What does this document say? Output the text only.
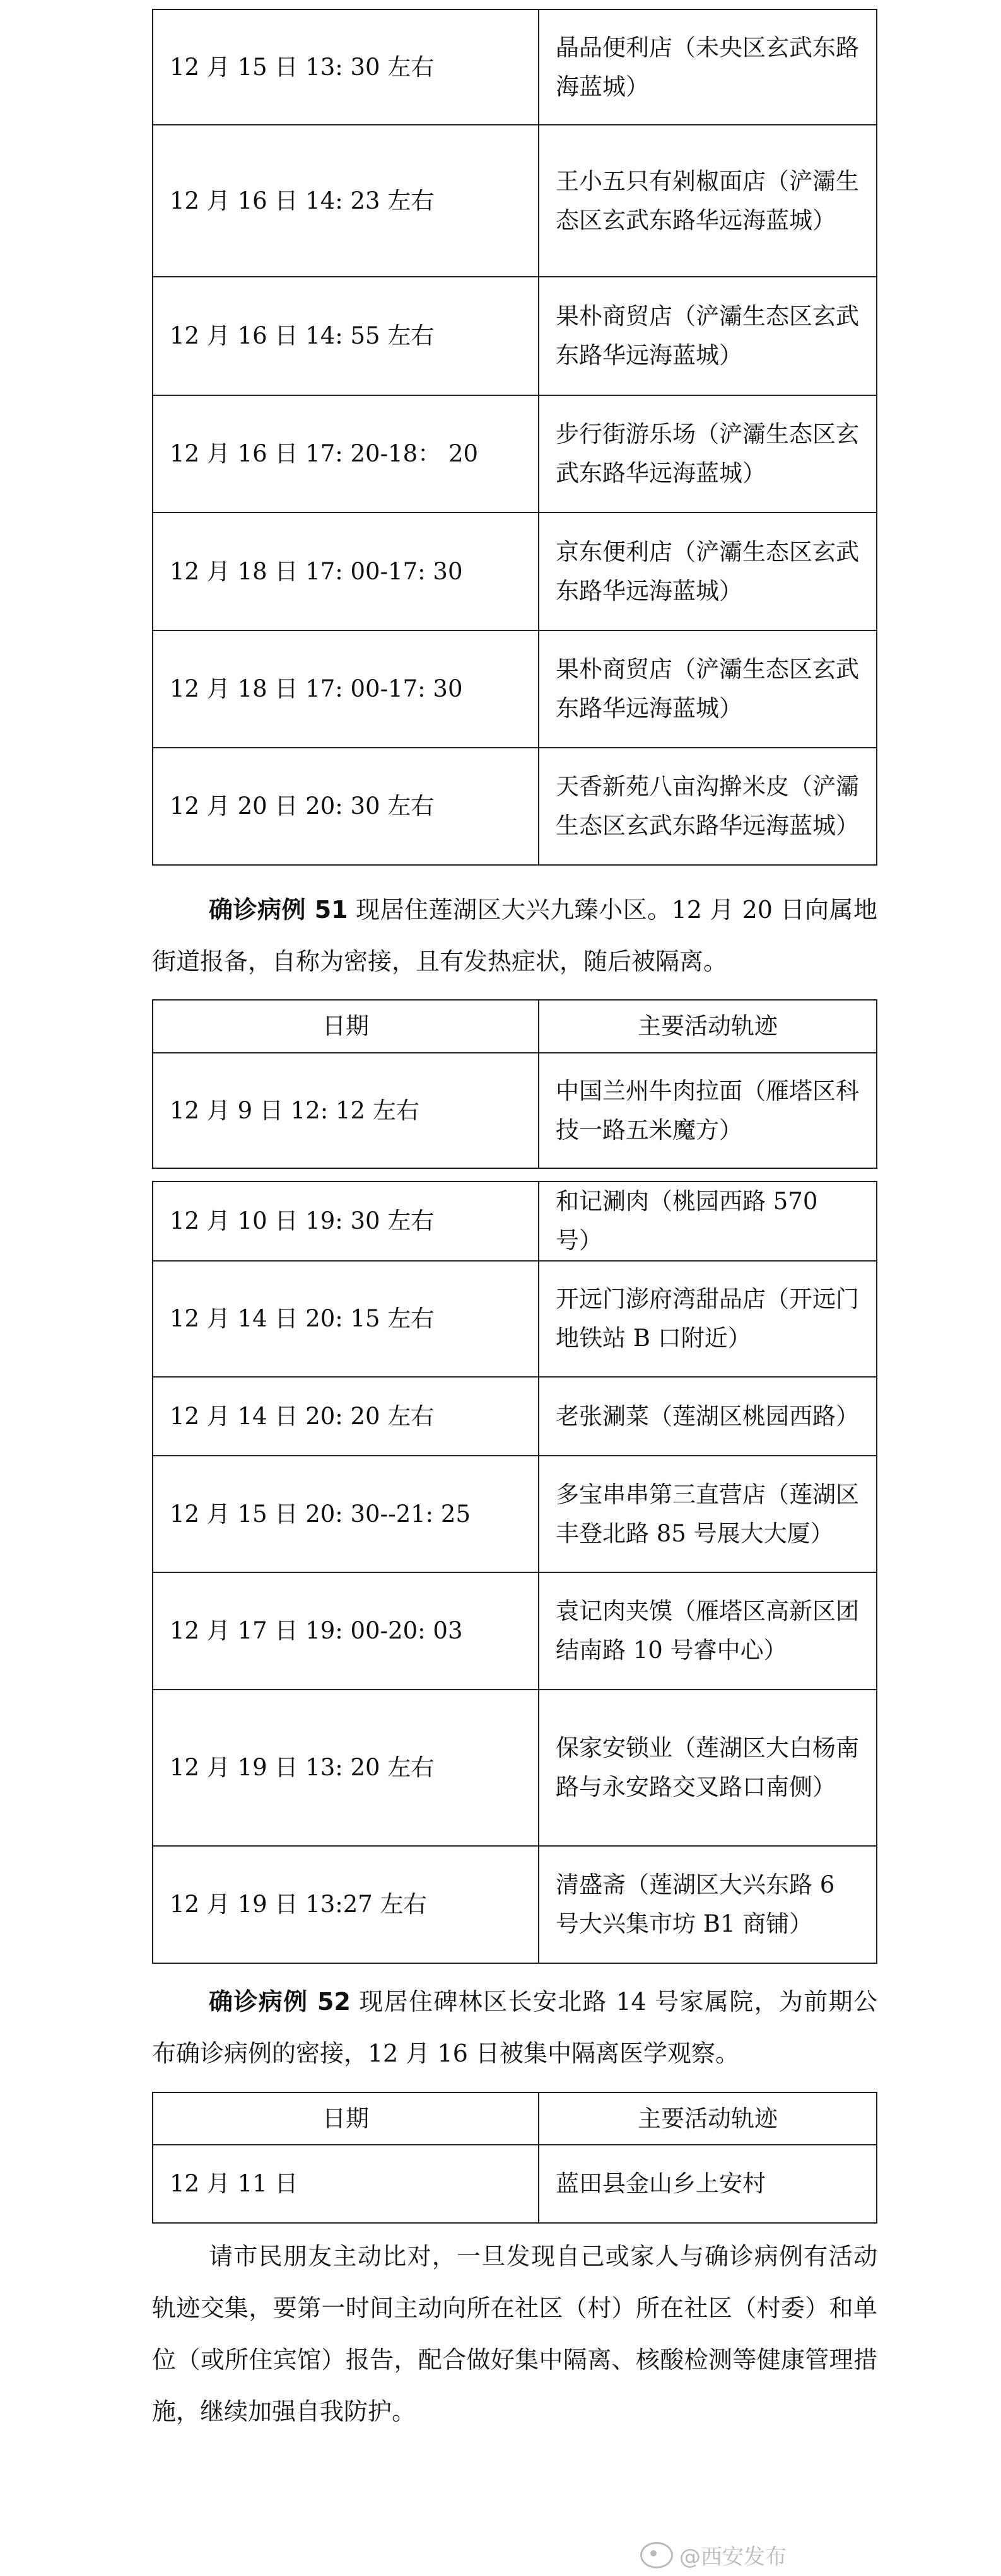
12 月 15 日 13: 30 左右	晶品便利店（未央区玄武东路海蓝城）
12 月 16 日 14: 23 左右	王小五只有剁椒面店（浐灞生态区玄武东路华远海蓝城）
12 月 16 日 14: 55 左右	果朴商贸店（浐灞生态区玄武东路华远海蓝城）
12 月 16 日 17: 20-18： 20	步行街游乐场（浐灞生态区玄武东路华远海蓝城）
12 月 18 日 17: 00-17: 30	京东便利店（浐灞生态区玄武东路华远海蓝城）
12 月 18 日 17: 00-17: 30	果朴商贸店（浐灞生态区玄武东路华远海蓝城）
12 月 20 日 20: 30 左右	天香新苑八亩沟擀米皮（浐灞生态区玄武东路华远海蓝城）
确诊病例 51 现居住莲湖区大兴九臻小区。12 月 20 日向属地街道报备，自称为密接，且有发热症状，随后被隔离。
日期	主要活动轨迹
12 月 9 日 12: 12 左右	中国兰州牛肉拉面（雁塔区科技一路五米魔方）
12 月 10 日 19: 30 左右	和记涮肉（桃园西路 570 号）
12 月 14 日 20: 15 左右	开远门澎府湾甜品店（开远门地铁站 B 口附近）
12 月 14 日 20: 20 左右	老张涮菜（莲湖区桃园西路）
12 月 15 日 20: 30--21: 25	多宝串串第三直营店（莲湖区丰登北路 85 号展大大厦）
12 月 17 日 19: 00-20: 03	袁记肉夹馍（雁塔区高新区团结南路 10 号睿中心）
12 月 19 日 13: 20 左右	保家安锁业（莲湖区大白杨南路与永安路交叉路口南侧）
12 月 19 日 13:27 左右	清盛斋（莲湖区大兴东路 6 号大兴集市坊 B1 商铺）
确诊病例 52 现居住碑林区长安北路 14 号家属院，为前期公布确诊病例的密接，12 月 16 日被集中隔离医学观察。
日期	主要活动轨迹
12 月 11 日	蓝田县金山乡上安村
请市民朋友主动比对，一旦发现自己或家人与确诊病例有活动轨迹交集，要第一时间主动向所在社区（村）所在社区（村委）和单位（或所住宾馆）报告，配合做好集中隔离、核酸检测等健康管理措施，继续加强自我防护。
@西安发布
